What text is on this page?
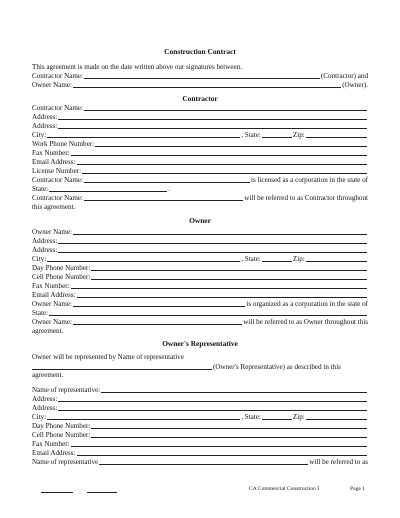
Construction Contract
This agreement is made on the date written above our signatures between.
Contractor Name:	(Contractor) and
Owner Name:	(Owner).
Contractor
Contractor Name:
Address:
Address:
City:	, State:	Zip:
Work Phone Number:
Fax Number:
Email Address:
License Number:
Contractor Name:	is licensed as a corporation in the state of
State:	.
Contractor Name:	will be referred to as Contractor throughout
this agreement.
Owner
Owner Name:
Address:
Address:
City:	, State:	Zip:
Day Phone Number:
Cell Phone Number:
Fax Number:
Email Address:
Owner Name:	is organized as a corporation in the state of
State:
Owner Name:	will be referred to as Owner throughout this
agreement.
Owner's Representative
Owner will be represented by Name of representative
(Owner's Representative) as described in this
agreement.
Name of representative:
Address:
Address:
City:	, State:	Zip:
Day Phone Number:
Cell Phone Number:
Fax Number:
Email Address:
Name of representative	will be referred to as
CA Commercial Construction I	Page 1
